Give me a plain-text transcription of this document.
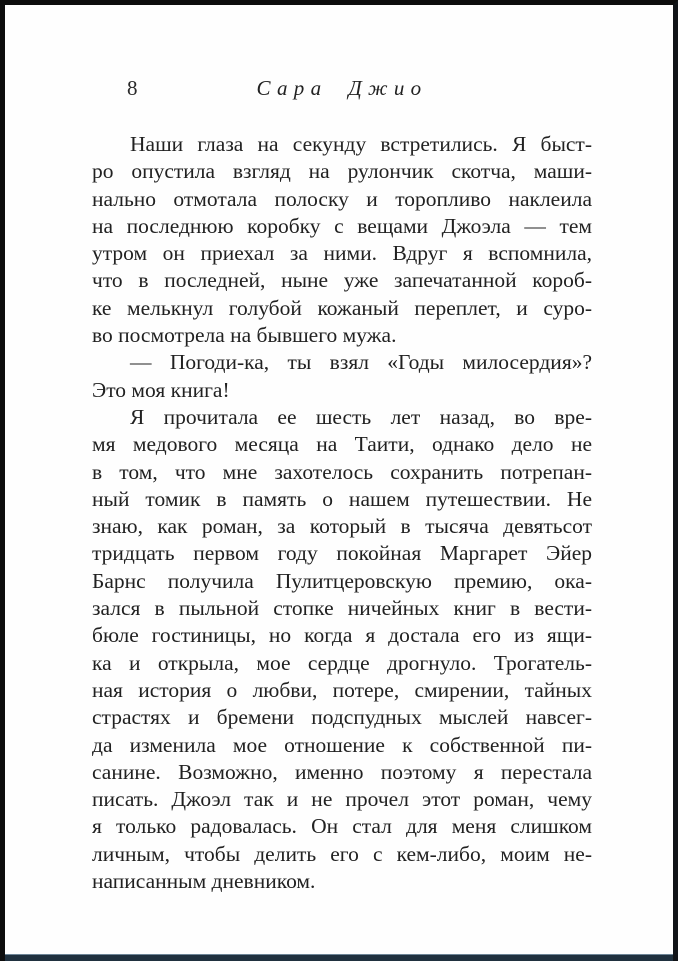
8	Сара Джио
Наши глаза на секунду встретились. Я быст-
ро опустила взгляд на рулончик скотча, маши-
нально отмотала полоску и торопливо наклеила
на последнюю коробку с вещами Джоэла — тем
утром он приехал за ними. Вдруг я вспомнила,
что в последней, ныне уже запечатанной короб-
ке мелькнул голубой кожаный переплет, и суро-
во посмотрела на бывшего мужа.
— Погоди-ка, ты взял «Годы милосердия»?
Это моя книга!
Я прочитала ее шесть лет назад, во вре-
мя медового месяца на Таити, однако дело не
в том, что мне захотелось сохранить потрепан-
ный томик в память о нашем путешествии. Не
знаю, как роман, за который в тысяча девятьсот
тридцать первом году покойная Маргарет Эйер
Барнс получила Пулитцеровскую премию, ока-
зался в пыльной стопке ничейных книг в вести-
бюле гостиницы, но когда я достала его из ящи-
ка и открыла, мое сердце дрогнуло. Трогатель-
ная история о любви, потере, смирении, тайных
страстях и бремени подспудных мыслей навсег-
да изменила мое отношение к собственной пи-
санине. Возможно, именно поэтому я перестала
писать. Джоэл так и не прочел этот роман, чему
я только радовалась. Он стал для меня слишком
личным, чтобы делить его с кем-либо, моим не-
написанным дневником.
